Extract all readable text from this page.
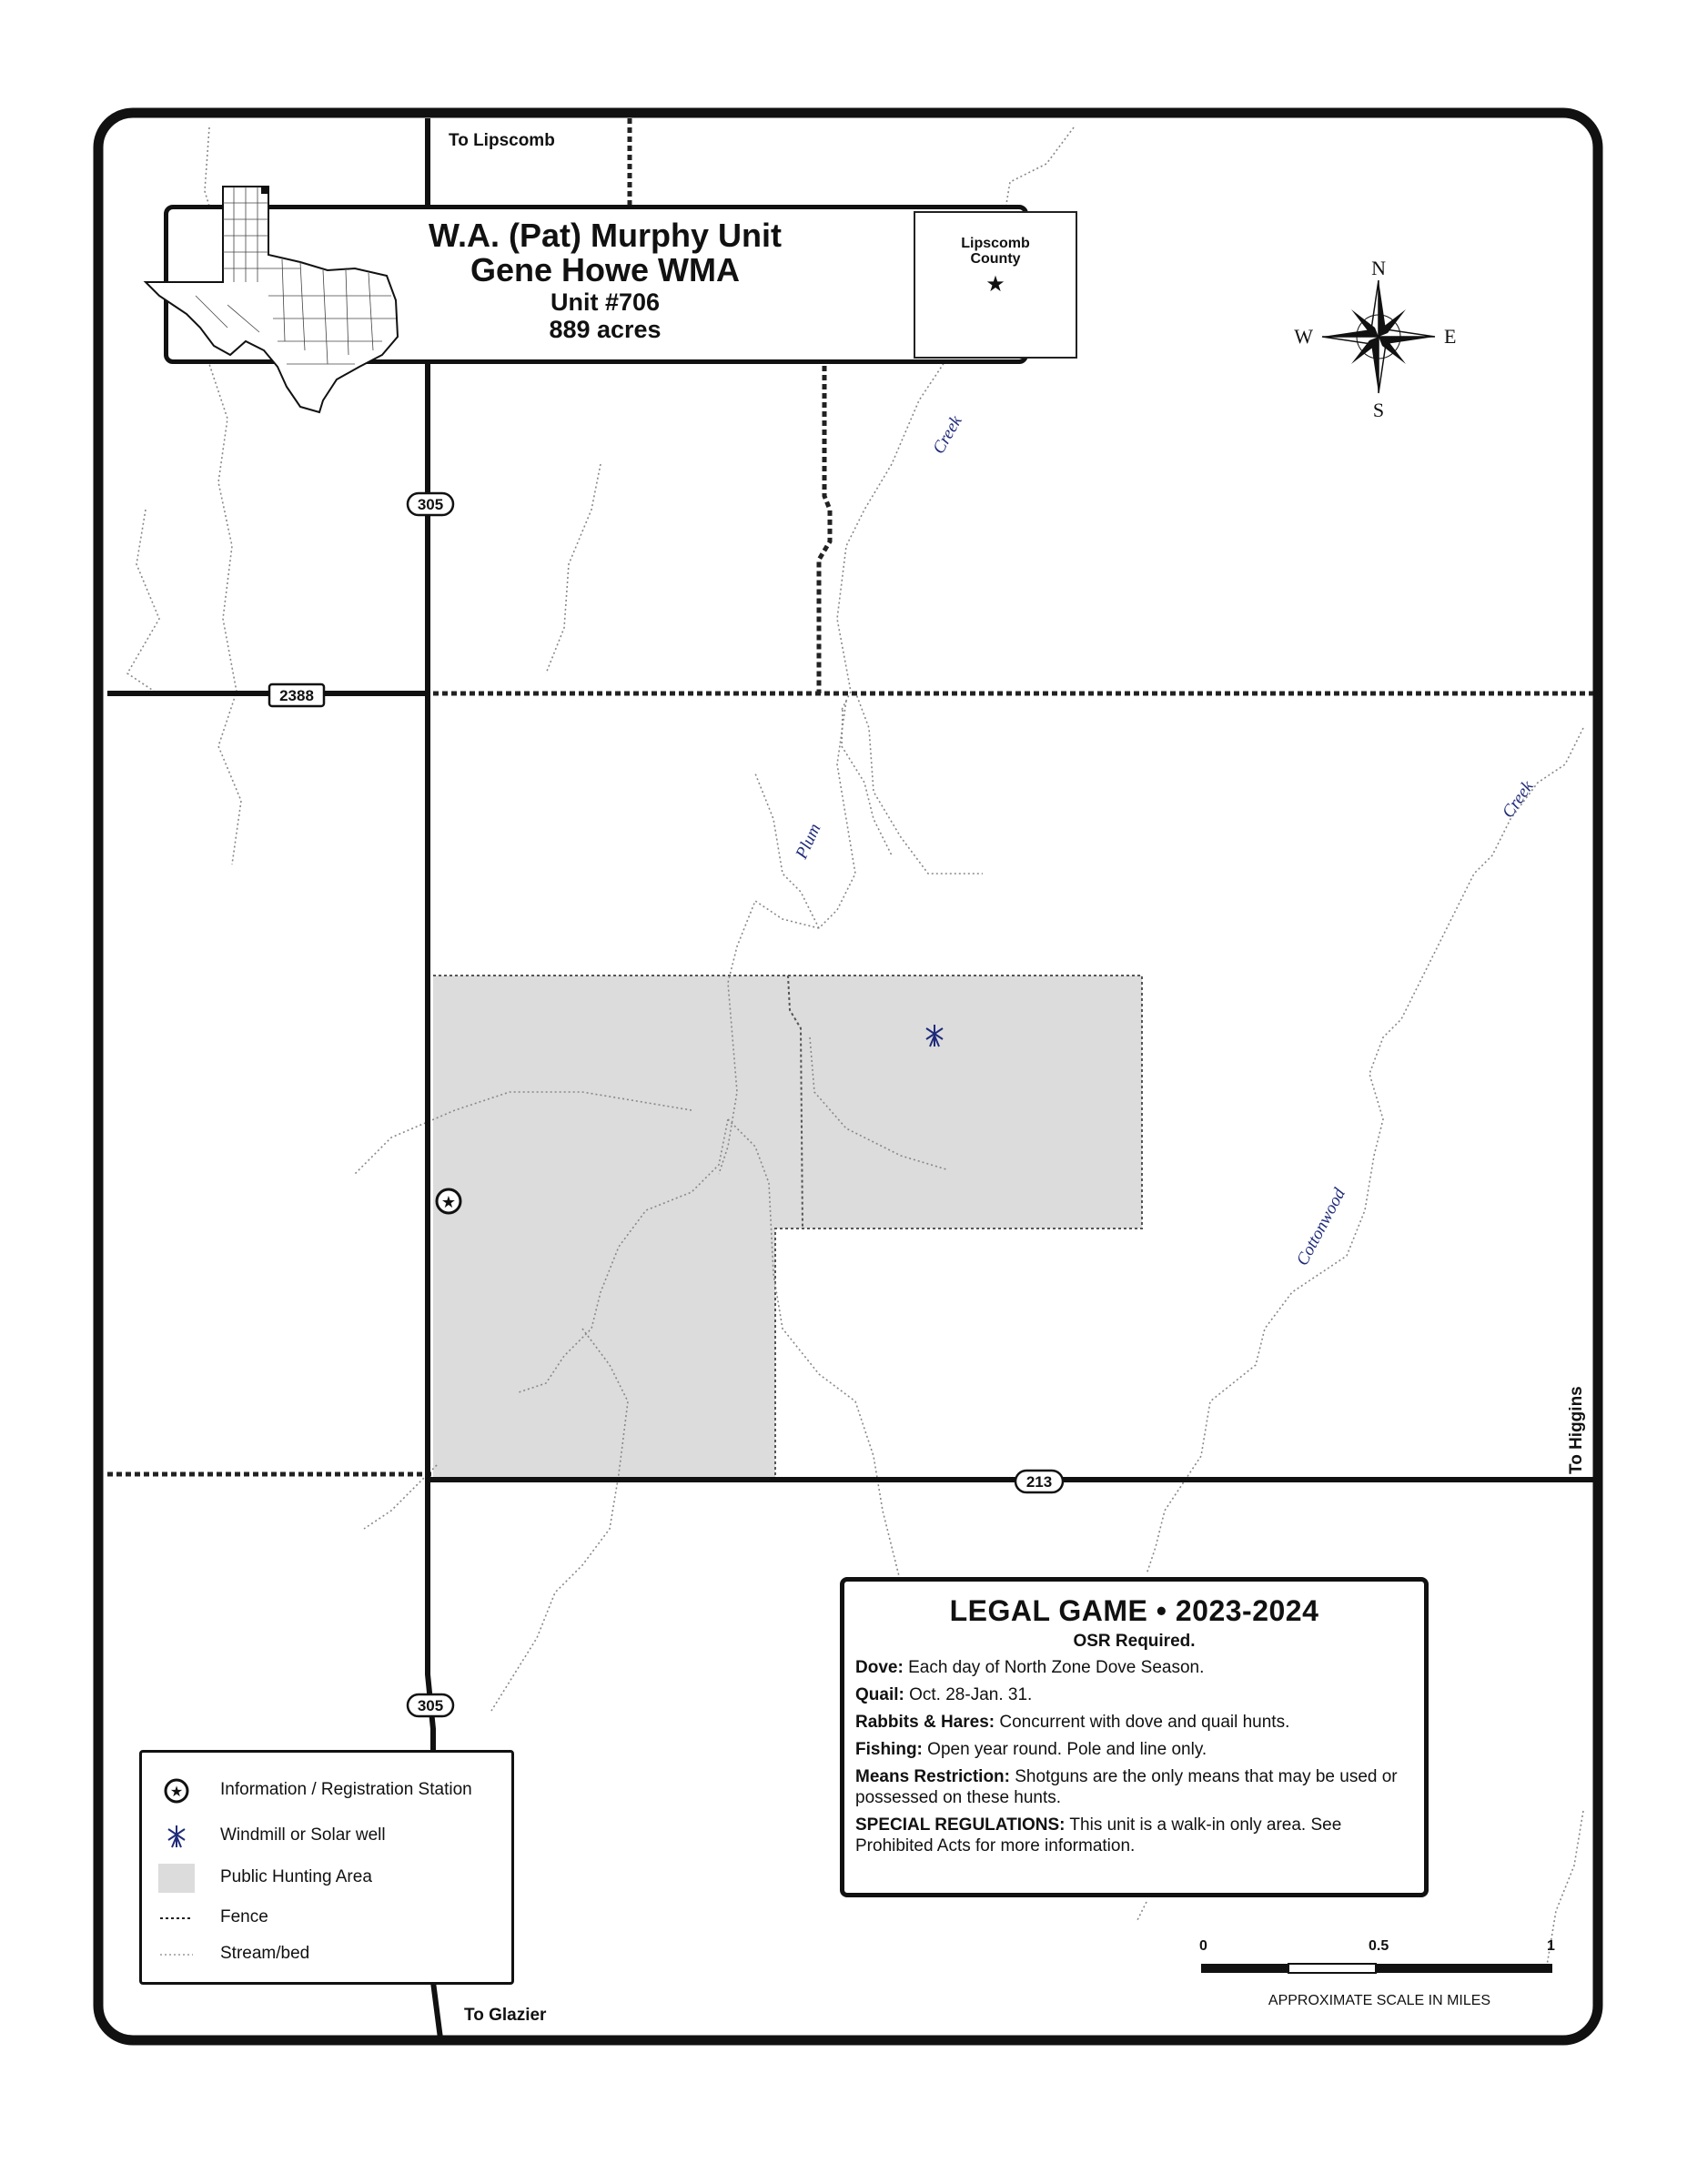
305
2388
213
305
To Lipscomb
To Glazier
To Higgins
Creek
Plum
Creek
Cottonwood
★
N
S
E
W
W.A. (Pat) Murphy Unit
Gene Howe WMA
Unit #706
889 acres
Lipscomb
County
★
LEGAL GAME • 2023-2024
OSR Required.
Dove: Each day of North Zone Dove Season.
Quail: Oct. 28-Jan. 31.
Rabbits & Hares: Concurrent with dove and quail hunts.
Fishing: Open year round. Pole and line only.
Means Restriction: Shotguns are the only means that may be used or possessed on these hunts.
SPECIAL REGULATIONS: This unit is a walk-in only area. See Prohibited Acts for more information.
★ Information / Registration Station
Windmill or Solar well
Public Hunting Area
Fence
Stream/bed	0	0.5	1
APPROXIMATE SCALE IN MILES
